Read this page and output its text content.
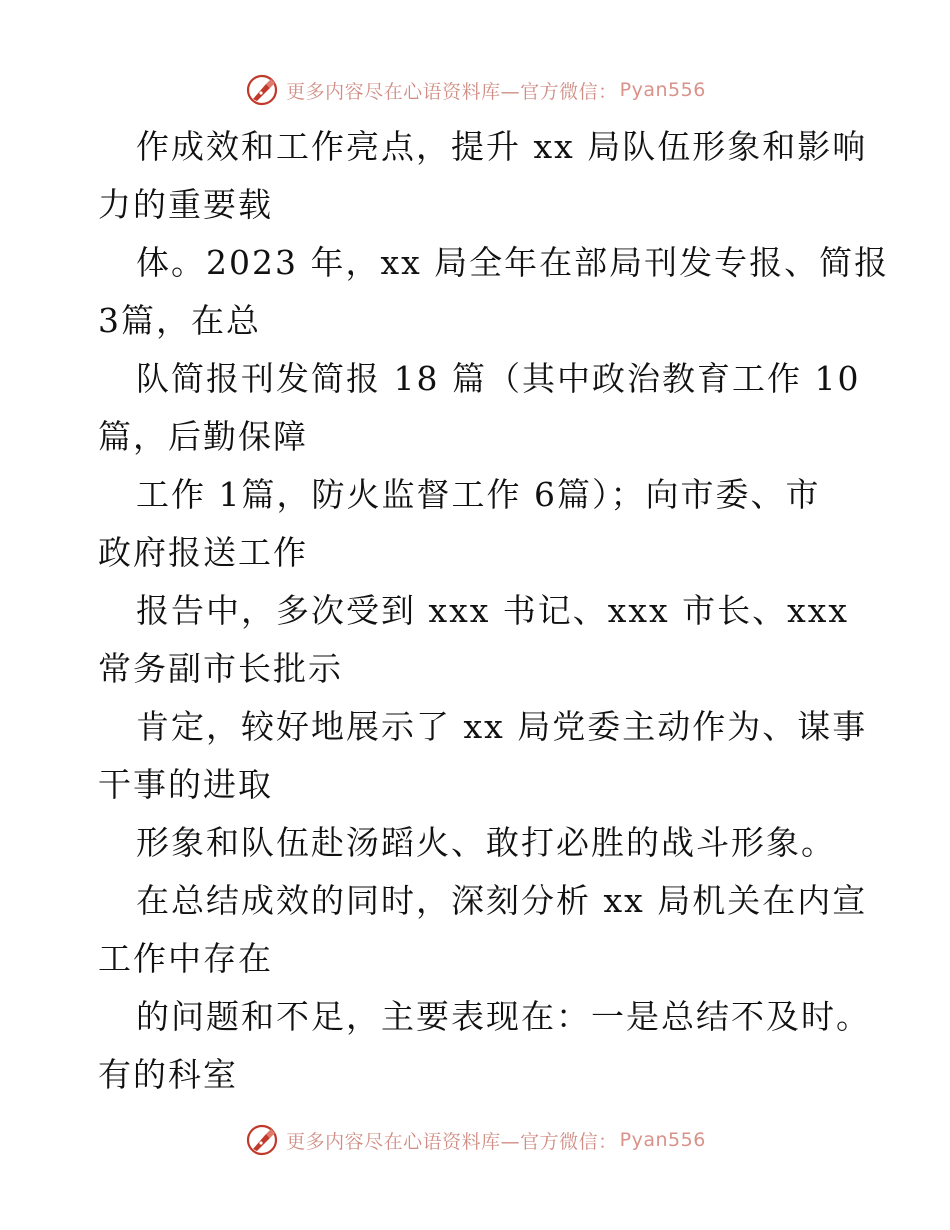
更多内容尽在心语资料库—官方微信： Pyan556

作成效和工作亮点，提升 xx 局队伍形象和影响
力的重要载
体。2023 年，xx 局全年在部局刊发专报、简报
3篇，在总
队简报刊发简报 18 篇（其中政治教育工作 10
篇，后勤保障
工作 1篇，防火监督工作 6篇）；向市委、市
政府报送工作
报告中，多次受到 xxx 书记、xxx 市长、xxx
常务副市长批示
肯定，较好地展示了 xx 局党委主动作为、谋事
干事的进取
形象和队伍赴汤蹈火、敢打必胜的战斗形象。
在总结成效的同时，深刻分析 xx 局机关在内宣
工作中存在
的问题和不足，主要表现在：一是总结不及时。
有的科室

更多内容尽在心语资料库—官方微信： Pyan556
